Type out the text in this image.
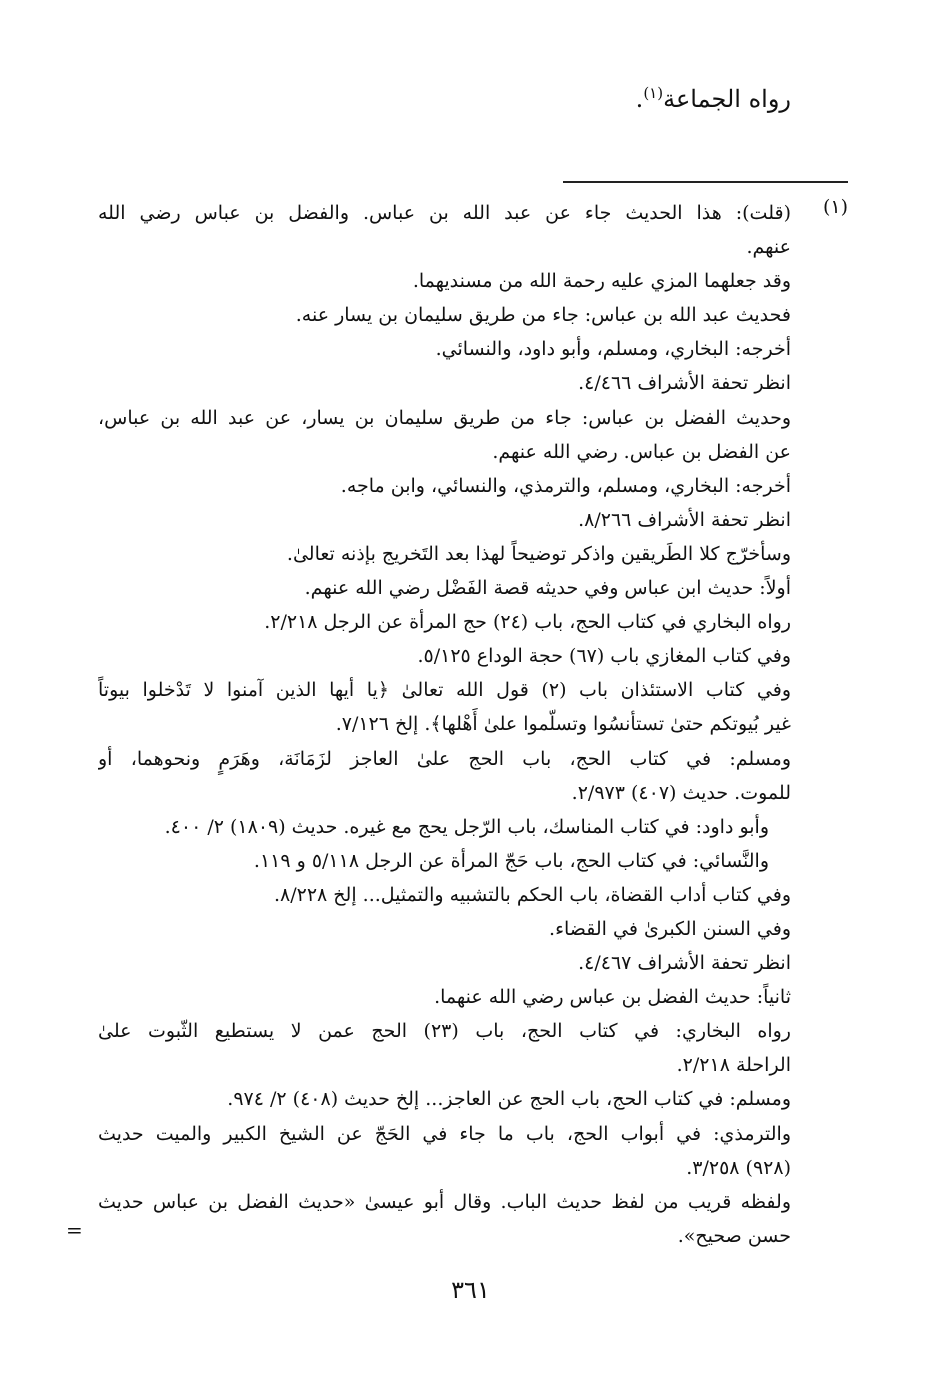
رواه الجماعة$^{(١)}$.
(١)
(قلت): هذا الحديث جاء عن عبد الله بن عباس. والفضل بن عباس رضي الله
عنهم.
وقد جعلهما المزي عليه رحمة الله من مسنديهما.
فحديث عبد الله بن عباس: جاء من طريق سليمان بن يسار عنه.
أخرجه: البخاري، ومسلم، وأبو داود، والنسائي.
انظر تحفة الأشراف ٤/٤٦٦.
وحديث الفضل بن عباس: جاء من طريق سليمان بن يسار، عن عبد الله بن عباس،
عن الفضل بن عباس. رضي الله عنهم.
أخرجه: البخاري، ومسلم، والترمذي، والنسائي، وابن ماجه.
انظر تحفة الأشراف ٨/٢٦٦.
وسأخرّج كلا الطَريقين واذكر توضيحاً لهذا بعد التَخريج بإذنه تعالىٰ.
أولاً: حديث ابن عباس وفي حديثه قصة الفَضْل رضي الله عنهم.
رواه البخاري في كتاب الحج، باب (٢٤) حج المرأة عن الرجل ٢/٢١٨.
وفي كتاب المغازي باب (٦٧) حجة الوداع ٥/١٢٥.
وفي كتاب الاستئذان باب (٢) قول الله تعالىٰ ﴿يا أيها الذين آمنوا لا تَدْخلوا بيوتاً
غير بُيوتكم حتىٰ تستأنسُوا وتسلّموا علىٰ أَهْلها﴾. إلخ ٧/١٢٦.
ومسلم: في كتاب الحج، باب الحج علىٰ العاجز لزَمَانَة، وهَرَمٍ ونحوهما، أو
للموت. حديث (٤٠٧) ٢/٩٧٣.
وأبو داود: في كتاب المناسك، باب الرّجل يحج مع غيره. حديث (١٨٠٩) ٢/ ٤٠٠.
والنَّسائي: في كتاب الحج، باب حَجّ المرأة عن الرجل ٥/١١٨ و ١١٩.
وفي كتاب أداب القضاة، باب الحكم بالتشبيه والتمثيل... إلخ ٨/٢٢٨.
وفي السنن الكبرىٰ في القضاء.
انظر تحفة الأشراف ٤/٤٦٧.
ثانياً: حديث الفضل بن عباس رضي الله عنهما.
رواه البخاري: في كتاب الحج، باب (٢٣) الحج عمن لا يستطيع الثّبوت علىٰ
الراحلة ٢/٢١٨.
ومسلم: في كتاب الحج، باب الحج عن العاجز... إلخ حديث (٤٠٨) ٢/ ٩٧٤.
والترمذي: في أبواب الحج، باب ما جاء في الحَجّ عن الشيخ الكبير والميت حديث
(٩٢٨) ٣/٢٥٨.
ولفظه قريب من لفظ حديث الباب. وقال أبو عيسىٰ «حديث الفضل بن عباس حديث
حسن صحيح».
=
٣٦١
